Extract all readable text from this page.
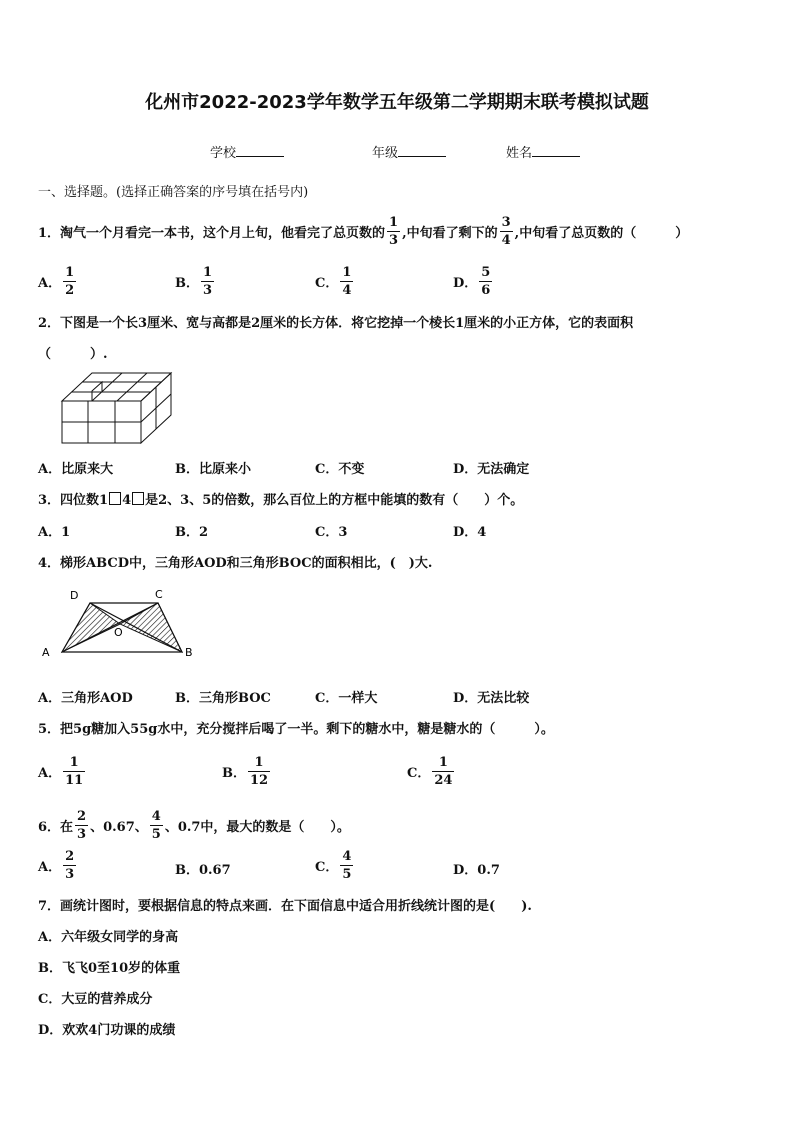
化州市2022-2023学年数学五年级第二学期期末联考模拟试题
学校	年级	姓名
一、选择题。(选择正确答案的序号填在括号内)
1．淘气一个月看完一本书，这个月上旬，他看完了总页数的 $\frac{1}{3}$ ,中旬看了剩下的 $\frac{3}{4}$ ,中旬看了总页数的（　　　）
A． $\frac{1}{2}$	B． $\frac{1}{3}$	C． $\frac{1}{4}$	D． $\frac{5}{6}$
2．下图是一个长3厘米、宽与高都是2厘米的长方体．将它挖掉一个棱长1厘米的小正方体，它的表面积
（　　　）.
A．比原来大	B．比原来小	C．不变	D．无法确定
3．四位数1 4 是2、3、5的倍数，那么百位上的方框中能填的数有（　　）个。
A．1	B．2	C．3	D．4
4．梯形ABCD中，三角形AOD和三角形BOC的面积相比，(　)大.
A	B
C
D
O
A．三角形AOD	B．三角形BOC	C．一样大	D．无法比较
5．把5g糖加入55g水中，充分搅拌后喝了一半。剩下的糖水中，糖是糖水的（　　　）。
A． $\frac{1}{11}$	B． $\frac{1}{12}$	C． $\frac{1}{24}$
6．在 $\frac{2}{3}$ 、0.67、 $\frac{4}{5}$ 、0.7中，最大的数是（　　）。
A． $\frac{2}{3}$	B．0.67	C． $\frac{4}{5}$	D．0.7
7．画统计图时，要根据信息的特点来画．在下面信息中适合用折线统计图的是(　　).
A．六年级女同学的身高
B．飞飞0至10岁的体重
C．大豆的营养成分
D．欢欢4门功课的成绩
